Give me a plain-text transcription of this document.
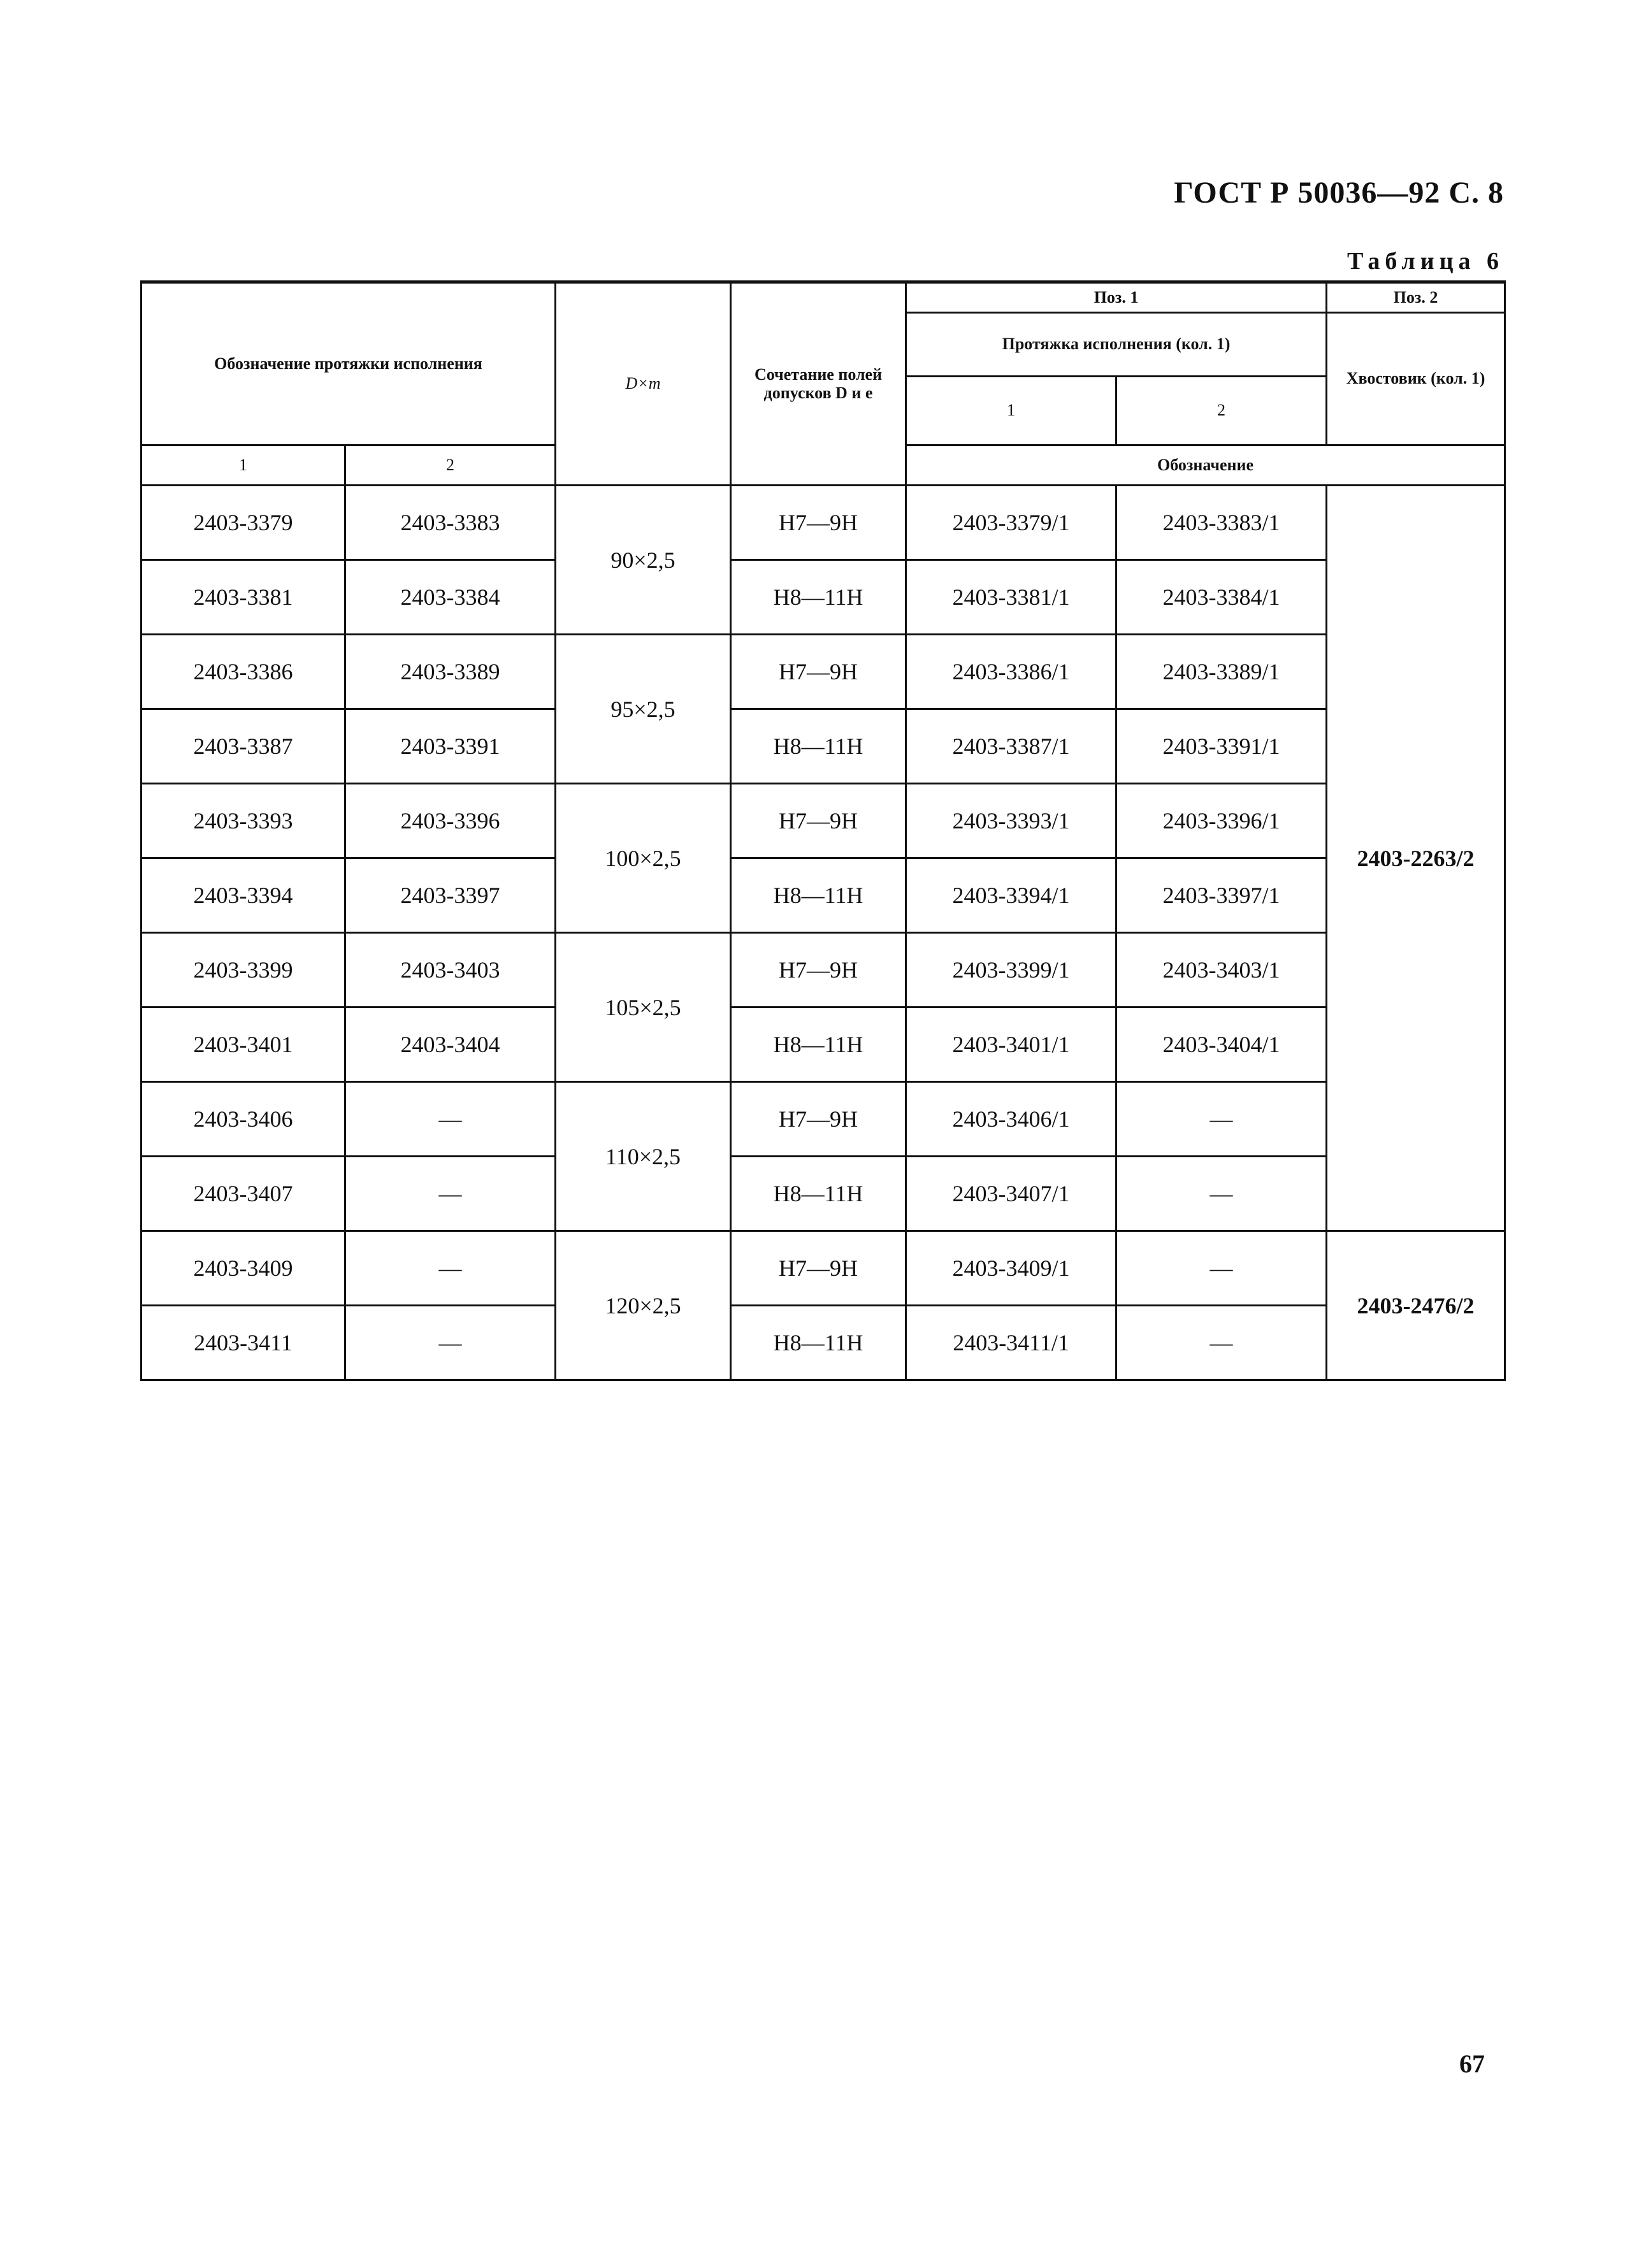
ГОСТ Р 50036—92 С. 8
Таблица 6
Обозначение протяжки исполнения		D×m	Сочетание полей допусков D и e	Поз. 1		Поз. 2
				Протяжка исполнения (кол. 1)		Хвостовик (кол. 1)
				1	2	
1	2			Обозначение		
2403-3379	2403-3383	90×2,5	H7—9H	2403-3379/1	2403-3383/1	2403-2263/2
2403-3381	2403-3384		H8—11H	2403-3381/1	2403-3384/1	
2403-3386	2403-3389	95×2,5	H7—9H	2403-3386/1	2403-3389/1	
2403-3387	2403-3391		H8—11H	2403-3387/1	2403-3391/1	
2403-3393	2403-3396	100×2,5	H7—9H	2403-3393/1	2403-3396/1	
2403-3394	2403-3397		H8—11H	2403-3394/1	2403-3397/1	
2403-3399	2403-3403	105×2,5	H7—9H	2403-3399/1	2403-3403/1	
2403-3401	2403-3404		H8—11H	2403-3401/1	2403-3404/1	
2403-3406	—	110×2,5	H7—9H	2403-3406/1	—	
2403-3407	—		H8—11H	2403-3407/1	—	
2403-3409	—	120×2,5	H7—9H	2403-3409/1	—	2403-2476/2
2403-3411	—		H8—11H	2403-3411/1	—	
67
